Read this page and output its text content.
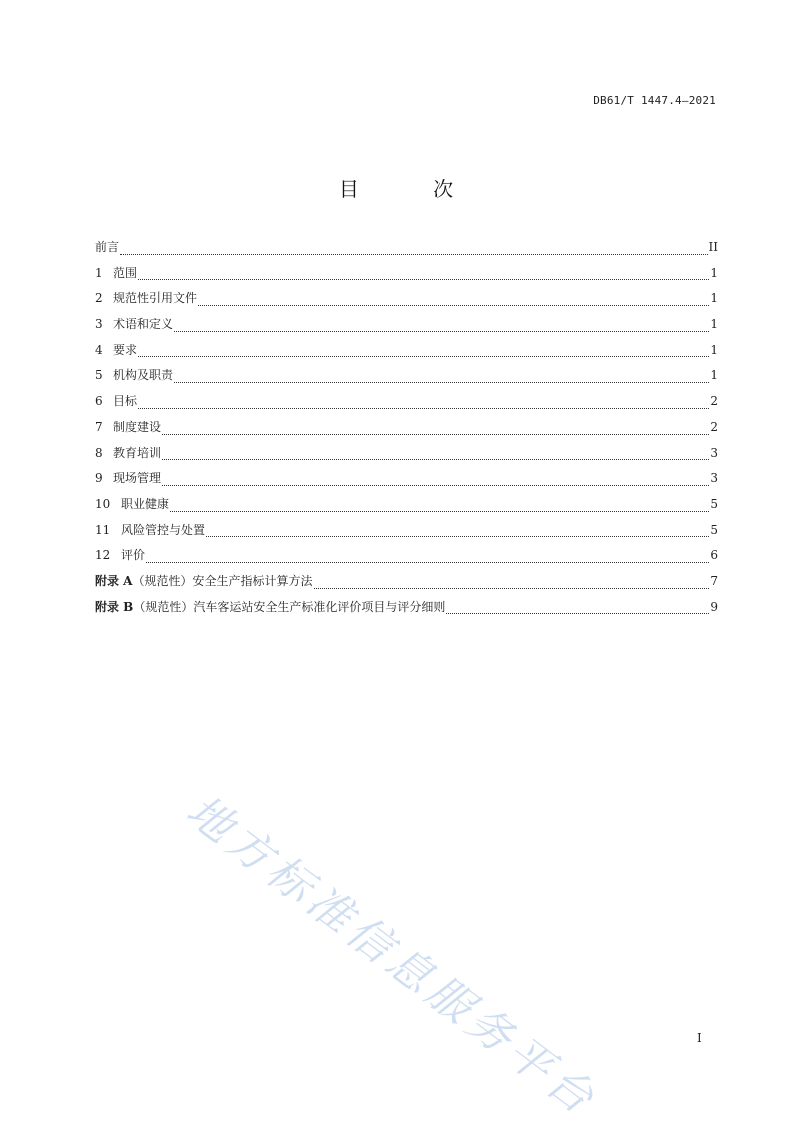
DB61/T 1447.4—2021
目 次
前言	II
1 范围	1
2 规范性引用文件	1
3 术语和定义	1
4 要求	1
5 机构及职责	1
6 目标	2
7 制度建设	2
8 教育培训	3
9 现场管理	3
10 职业健康	5
11 风险管控与处置	5
12 评价	6
附录 A（规范性）安全生产指标计算方法	7
附录 B（规范性）汽车客运站安全生产标准化评价项目与评分细则	9
地方标准信息服务平台	I
